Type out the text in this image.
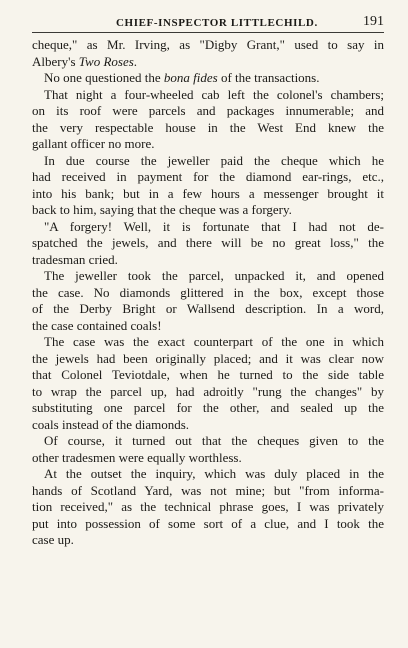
CHIEF-INSPECTOR LITTLECHILD.	191

cheque," as Mr. Irving, as "Digby Grant," used to say in
Albery's Two Roses.

No one questioned the bona fides of the transactions.

That night a four-wheeled cab left the colonel's chambers;
on its roof were parcels and packages innumerable; and
the very respectable house in the West End knew the
gallant officer no more.

In due course the jeweller paid the cheque which he
had received in payment for the diamond ear-rings, etc.,
into his bank; but in a few hours a messenger brought it
back to him, saying that the cheque was a forgery.

"A forgery! Well, it is fortunate that I had not de-
spatched the jewels, and there will be no great loss," the
tradesman cried.

The jeweller took the parcel, unpacked it, and opened
the case. No diamonds glittered in the box, except those
of the Derby Bright or Wallsend description. In a word,
the case contained coals!

The case was the exact counterpart of the one in which
the jewels had been originally placed; and it was clear now
that Colonel Teviotdale, when he turned to the side table
to wrap the parcel up, had adroitly "rung the changes" by
substituting one parcel for the other, and sealed up the
coals instead of the diamonds.

Of course, it turned out that the cheques given to the
other tradesmen were equally worthless.

At the outset the inquiry, which was duly placed in the
hands of Scotland Yard, was not mine; but "from informa-
tion received," as the technical phrase goes, I was privately
put into possession of some sort of a clue, and I took the
case up.
